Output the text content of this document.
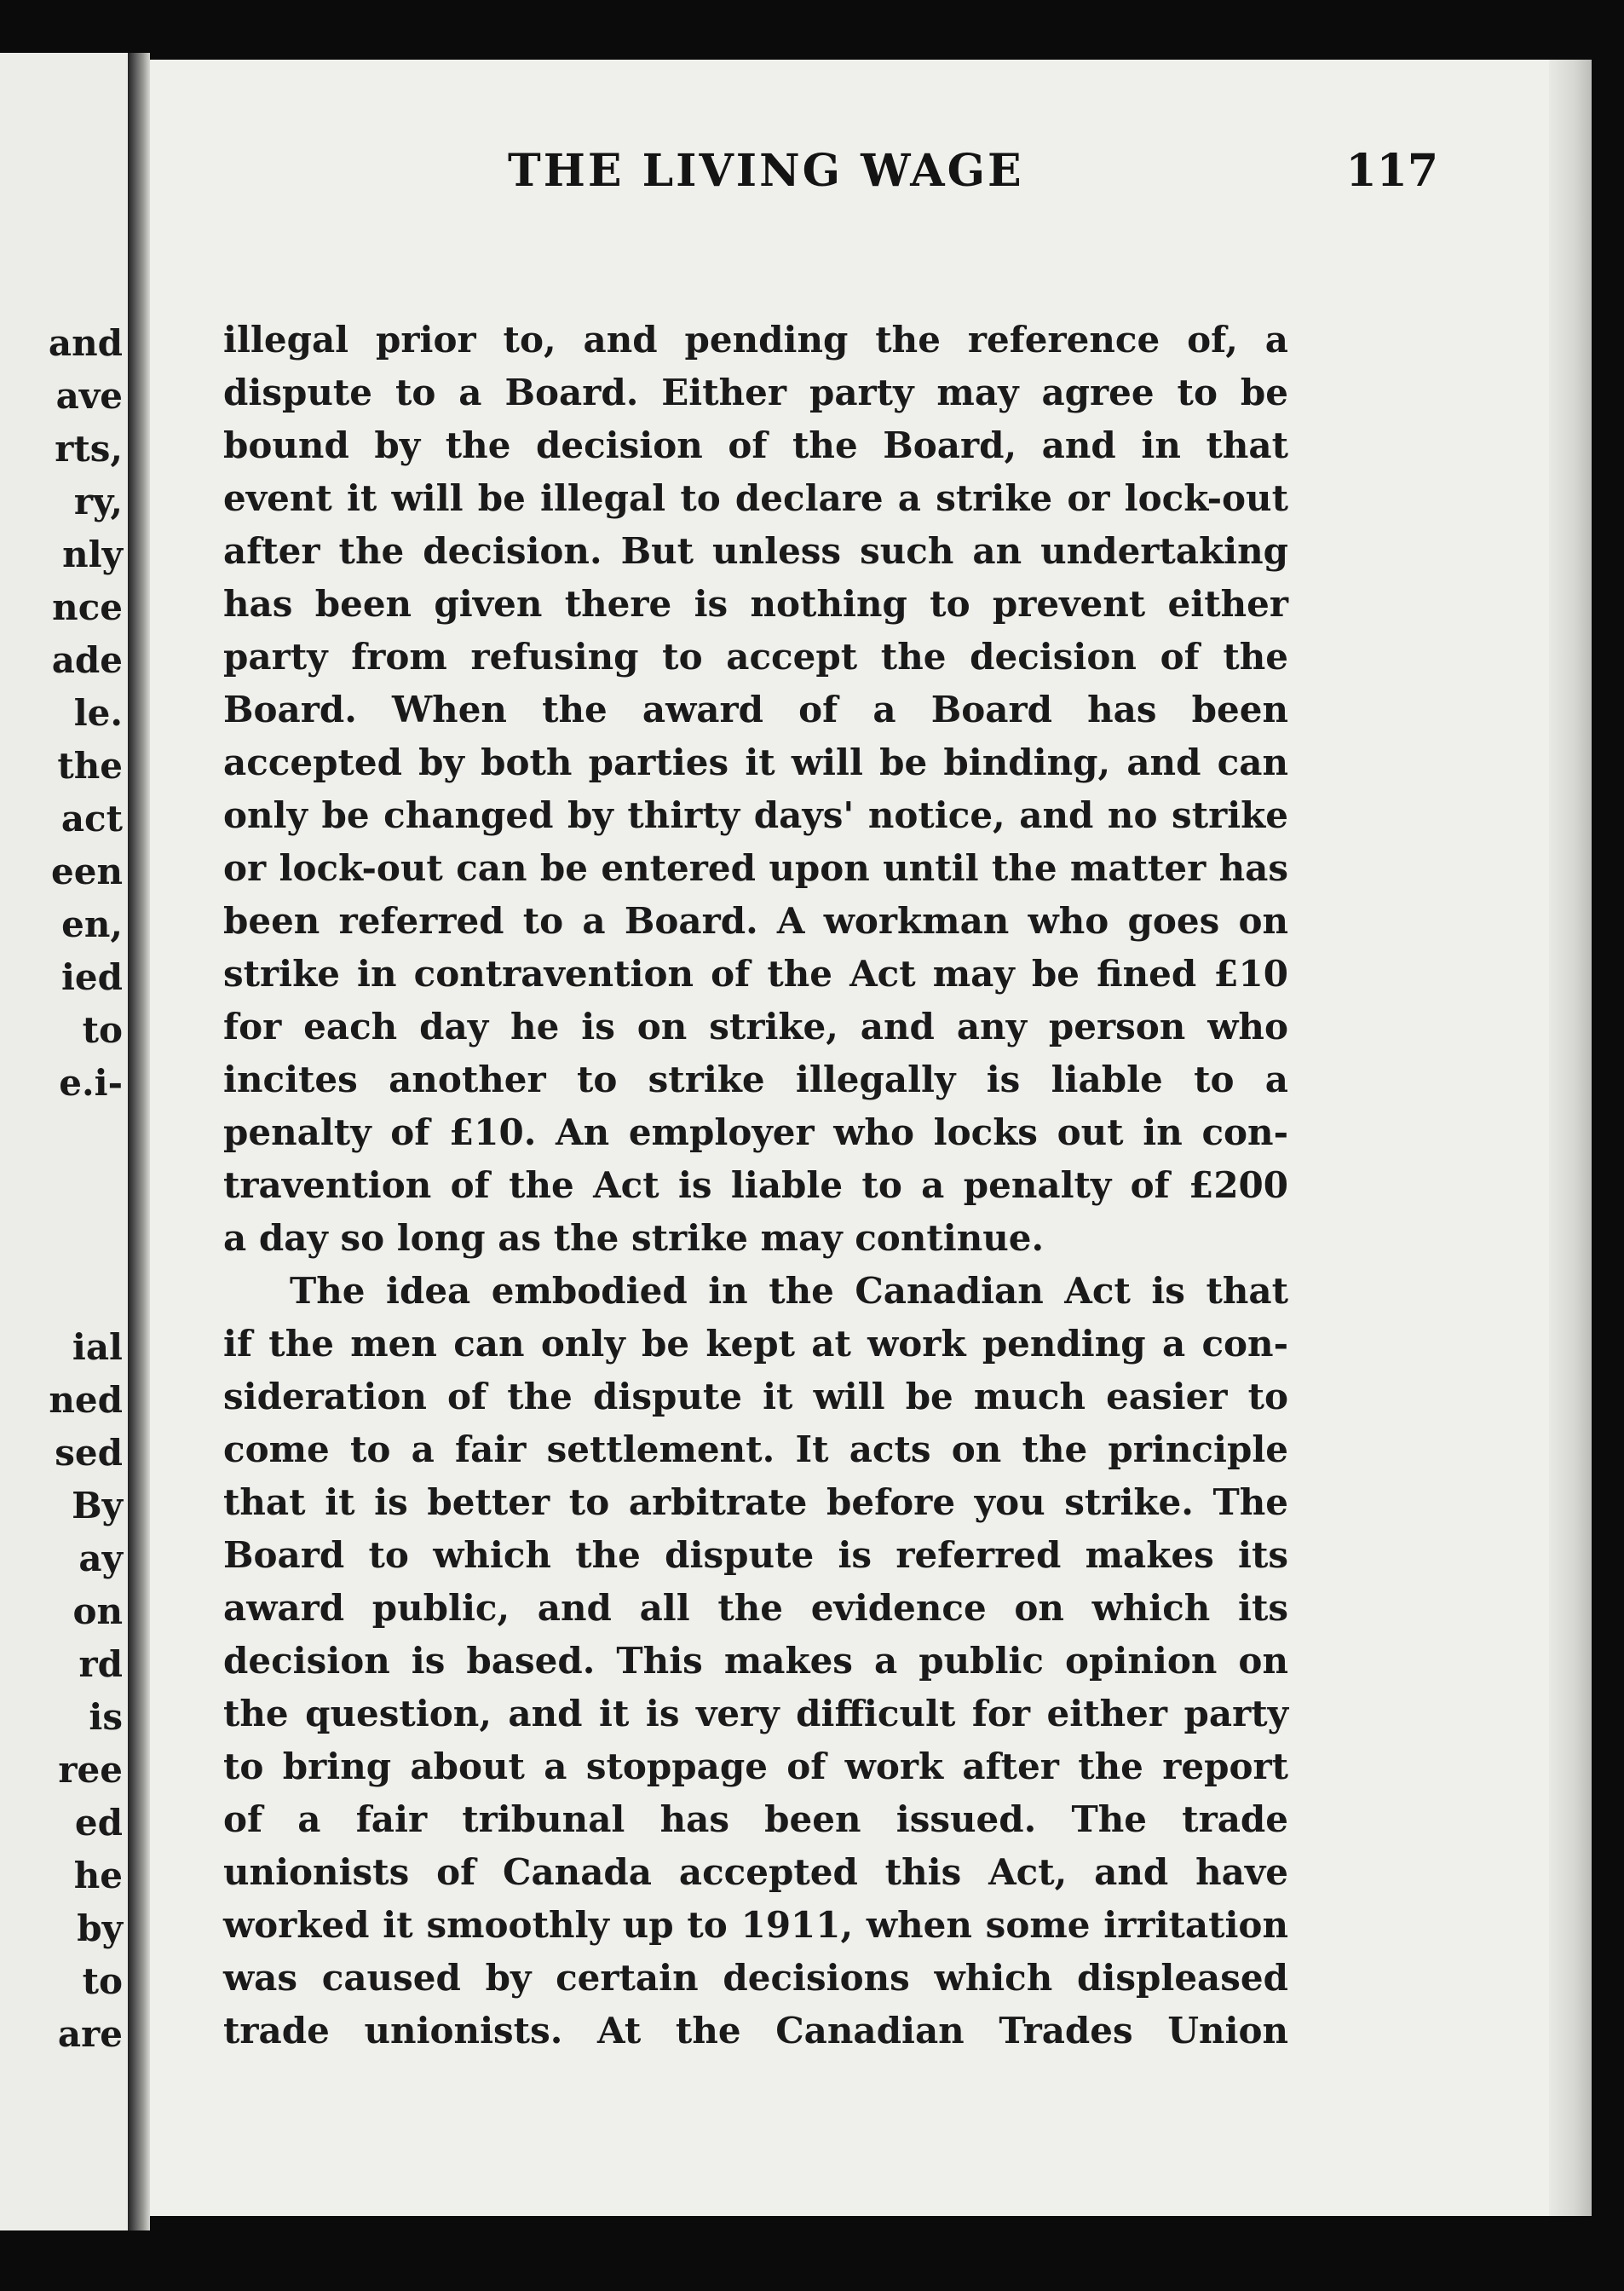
and
ave
rts,
ry,
nly
nce
ade
le.
the
act
een
en,
ied
to
e.i-
ial
ned
sed
By
ay
on
rd
is
ree
ed
he
by
to
are
THE LIVING WAGE	117
illegal prior to, and pending the reference of, a
dispute to a Board. Either party may agree to be
bound by the decision of the Board, and in that
event it will be illegal to declare a strike or lock-out
after the decision. But unless such an undertaking
has been given there is nothing to prevent either
party from refusing to accept the decision of the
Board. When the award of a Board has been
accepted by both parties it will be binding, and can
only be changed by thirty days' notice, and no strike
or lock-out can be entered upon until the matter has
been referred to a Board. A workman who goes on
strike in contravention of the Act may be fined £10
for each day he is on strike, and any person who
incites another to strike illegally is liable to a
penalty of £10. An employer who locks out in con-
travention of the Act is liable to a penalty of £200
a day so long as the strike may continue.
The idea embodied in the Canadian Act is that
if the men can only be kept at work pending a con-
sideration of the dispute it will be much easier to
come to a fair settlement. It acts on the principle
that it is better to arbitrate before you strike. The
Board to which the dispute is referred makes its
award public, and all the evidence on which its
decision is based. This makes a public opinion on
the question, and it is very difficult for either party
to bring about a stoppage of work after the report
of a fair tribunal has been issued. The trade
unionists of Canada accepted this Act, and have
worked it smoothly up to 1911, when some irritation
was caused by certain decisions which displeased
trade unionists. At the Canadian Trades Union
